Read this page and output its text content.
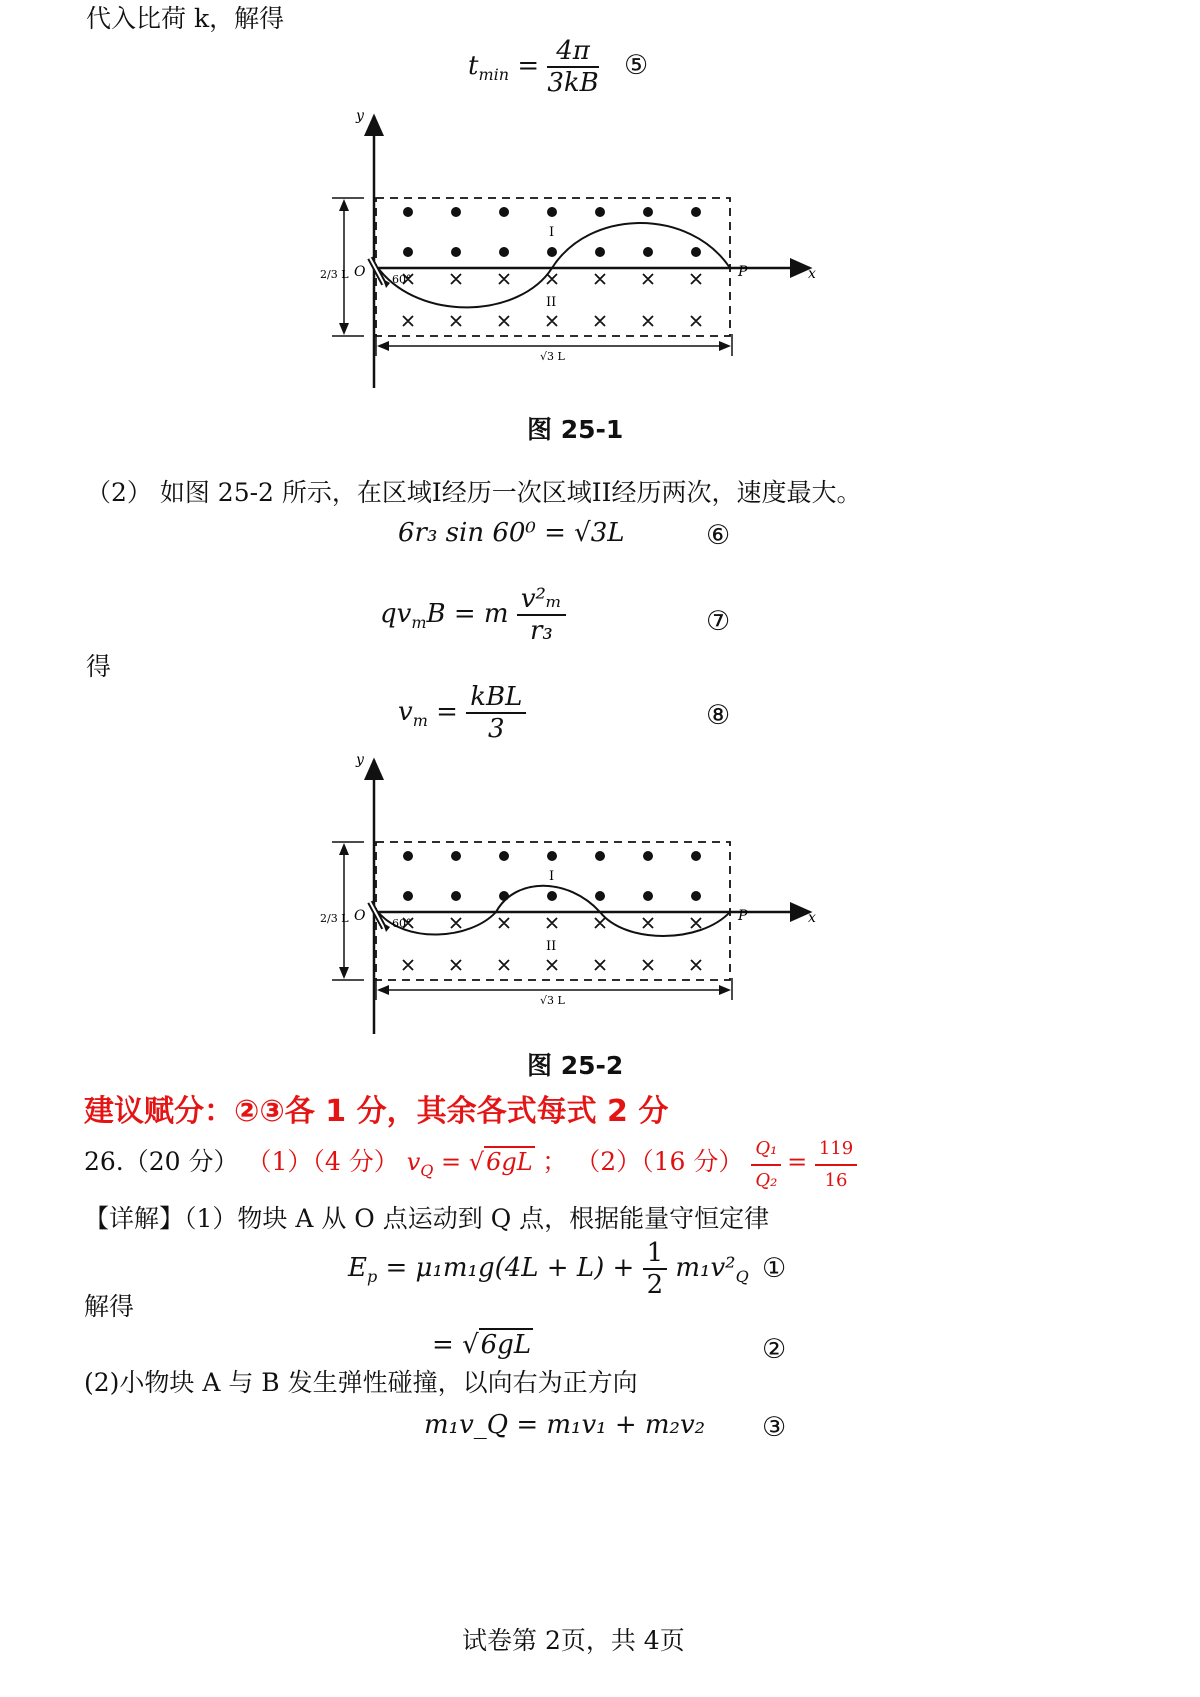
代入比荷 k，解得
$t_{min} = \frac{4\pi}{3kB}$ ⑤
y
x
O	P
60°
I
II
2/3 L
√3 L
图 25-1
（2） 如图 25-2 所示，在区域I经历一次区域II经历两次，速度最大。
6r₃ sin 60⁰ = √3L	⑥
$qv_mB = m \frac{\text{v²ₘ}}{\text{r₃}}$	⑦
得
$v_m = \frac{\text{kBL}}{3}$	⑧
y
x
O	P
60°
I
II
2/3 L
√3 L
图 25-2
建议赋分：②③各 1 分，其余各式每式 2 分
26.（20 分） （1）（4 分） $v_Q = √6gL$ ； （2）（16 分） $\frac{\text{Q₁}}{\text{Q₂}} = \frac{119}{16}$
【详解】（1）物块 A 从 O 点运动到 Q 点，根据能量守恒定律
$E_p = \mu_1m_1g(4L + L) + \frac{1}{2} m_1v^2_Q$ ①
解得
= √6gL	②
(2)小物块 A 与 B 发生弹性碰撞，以向右为正方向
m₁v_Q = m₁v₁ + m₂v₂ ③
试卷第 2页，共 4页
